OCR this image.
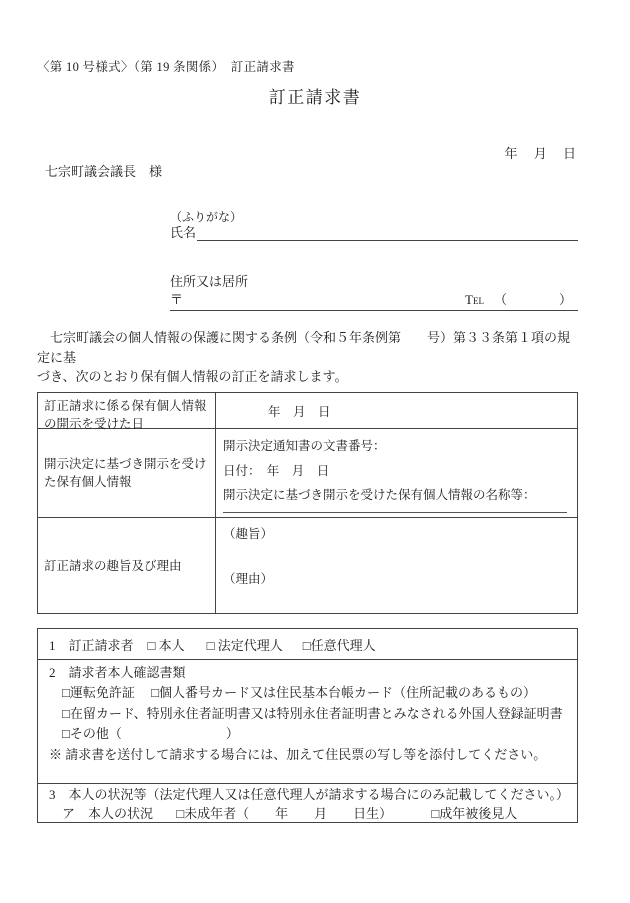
〈第 10 号様式〉（第 19 条関係）　訂正請求書
訂正請求書
年　 月　 日
七宗町議会議長　様
（ふりがな）
氏名
住所又は居所
〒	Tel （　　　　）
　七宗町議会の個人情報の保護に関する条例（令和５年条例第　　号）第３３条第１項の規定に基
づき、次のとおり保有個人情報の訂正を請求します。
訂正請求に係る保有個人情報の開示を受けた日
年　月　日
開示決定に基づき開示を受けた保有個人情報
開示決定通知書の文書番号：
日付：　年　月　日
開示決定に基づき開示を受けた保有個人情報の名称等：
訂正請求の趣旨及び理由
（趣旨）
（理由）
1　訂正請求者 □ 本人 □ 法定代理人 □任意代理人
2　請求者本人確認書類
□運転免許証 □個人番号カード又は住民基本台帳カード（住所記載のあるもの） □在留カード、特別永住者証明書又は特別永住者証明書とみなされる外国人登録証明書 □その他（　　　　　　　　）
※ 請求書を送付して請求する場合には、加えて住民票の写し等を添付してください。
3　本人の状況等（法定代理人又は任意代理人が請求する場合にのみ記載してください。）
ア　本人の状況 □未成年者（　　年　　月　　日生）	□成年被後見人
